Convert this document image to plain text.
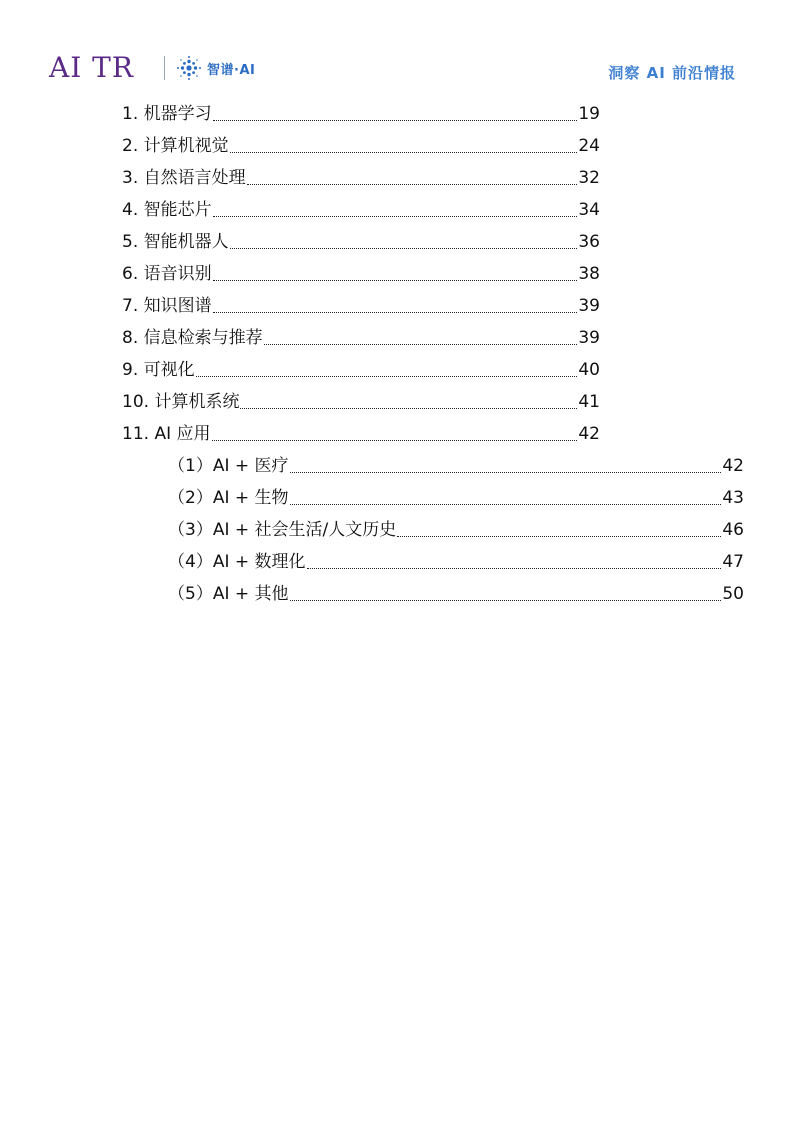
AI TR	智谱·AI	洞察 AI 前沿情报
1. 机器学习	19
2. 计算机视觉	24
3. 自然语言处理	32
4. 智能芯片	34
5. 智能机器人	36
6. 语音识别	38
7. 知识图谱	39
8. 信息检索与推荐	39
9. 可视化	40
10. 计算机系统	41
11. AI 应用	42
（1）AI + 医疗	42
（2）AI + 生物	43
（3）AI + 社会生活/人文历史	46
（4）AI + 数理化	47
（5）AI + 其他	50
